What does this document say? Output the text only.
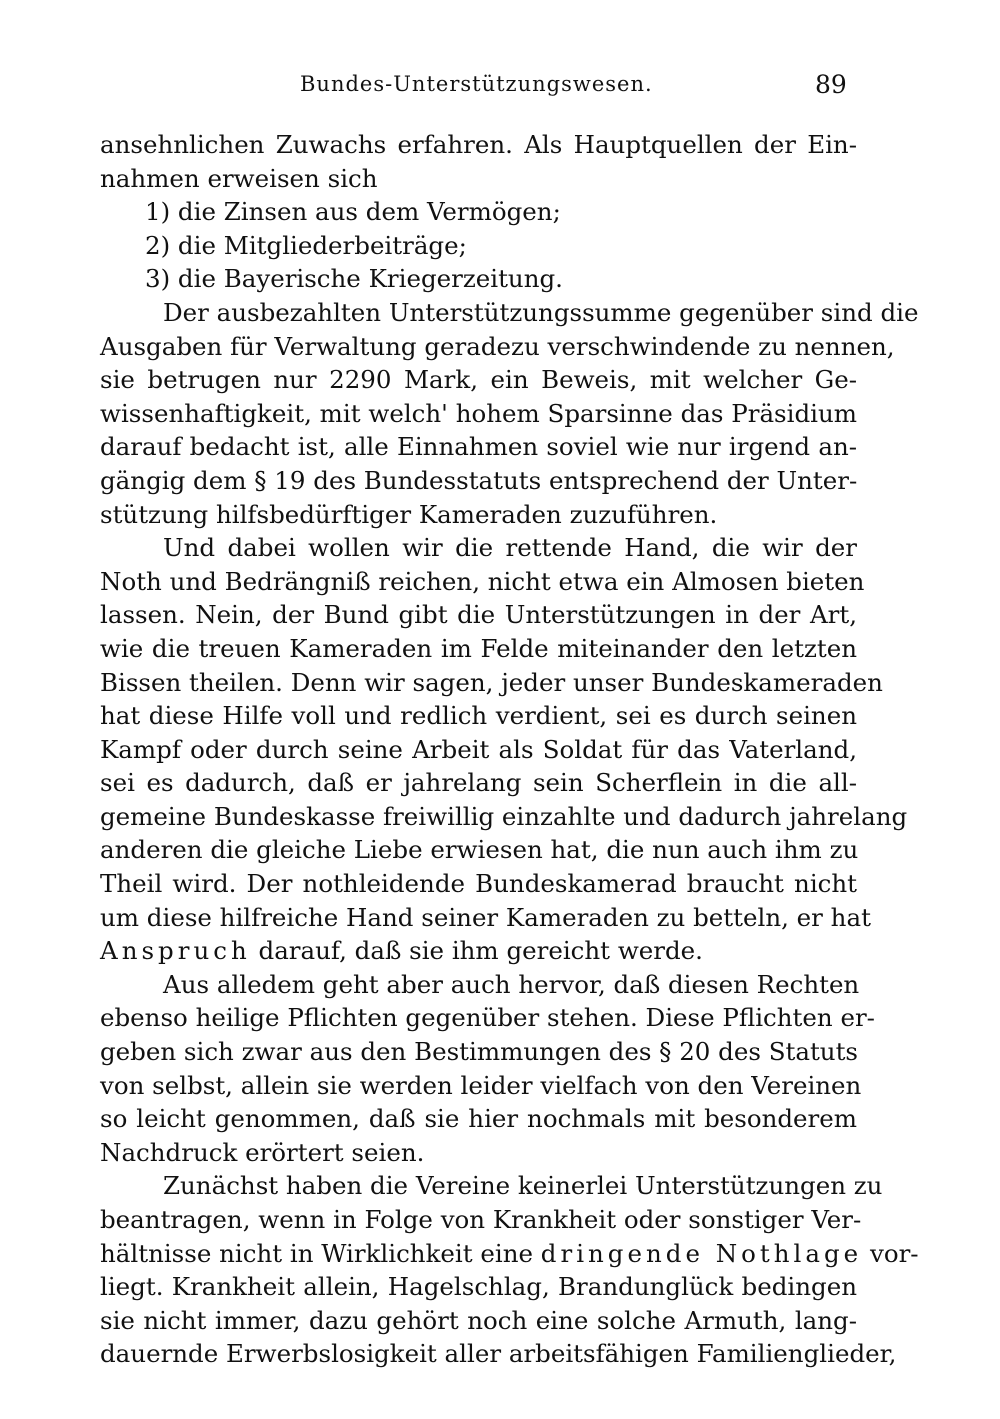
Bundes-Unterstützungswesen.	89
ansehnlichen Zuwachs erfahren. Als Hauptquellen der Ein-
nahmen erweisen sich
1) die Zinsen aus dem Vermögen;
2) die Mitgliederbeiträge;
3) die Bayerische Kriegerzeitung.
Der ausbezahlten Unterstützungssumme gegenüber sind die
Ausgaben für Verwaltung geradezu verschwindende zu nennen,
sie betrugen nur 2290 Mark, ein Beweis, mit welcher Ge-
wissenhaftigkeit, mit welch' hohem Sparsinne das Präsidium
darauf bedacht ist, alle Einnahmen soviel wie nur irgend an-
gängig dem § 19 des Bundesstatuts entsprechend der Unter-
stützung hilfsbedürftiger Kameraden zuzuführen.
Und dabei wollen wir die rettende Hand, die wir der
Noth und Bedrängniß reichen, nicht etwa ein Almosen bieten
lassen. Nein, der Bund gibt die Unterstützungen in der Art,
wie die treuen Kameraden im Felde miteinander den letzten
Bissen theilen. Denn wir sagen, jeder unser Bundeskameraden
hat diese Hilfe voll und redlich verdient, sei es durch seinen
Kampf oder durch seine Arbeit als Soldat für das Vaterland,
sei es dadurch, daß er jahrelang sein Scherflein in die all-
gemeine Bundeskasse freiwillig einzahlte und dadurch jahrelang
anderen die gleiche Liebe erwiesen hat, die nun auch ihm zu
Theil wird. Der nothleidende Bundeskamerad braucht nicht
um diese hilfreiche Hand seiner Kameraden zu betteln, er hat
Anspruch darauf, daß sie ihm gereicht werde.
Aus alledem geht aber auch hervor, daß diesen Rechten
ebenso heilige Pflichten gegenüber stehen. Diese Pflichten er-
geben sich zwar aus den Bestimmungen des § 20 des Statuts
von selbst, allein sie werden leider vielfach von den Vereinen
so leicht genommen, daß sie hier nochmals mit besonderem
Nachdruck erörtert seien.
Zunächst haben die Vereine keinerlei Unterstützungen zu
beantragen, wenn in Folge von Krankheit oder sonstiger Ver-
hältnisse nicht in Wirklichkeit eine dringende Nothlage vor-
liegt. Krankheit allein, Hagelschlag, Brandunglück bedingen
sie nicht immer, dazu gehört noch eine solche Armuth, lang-
dauernde Erwerbslosigkeit aller arbeitsfähigen Familienglieder,
